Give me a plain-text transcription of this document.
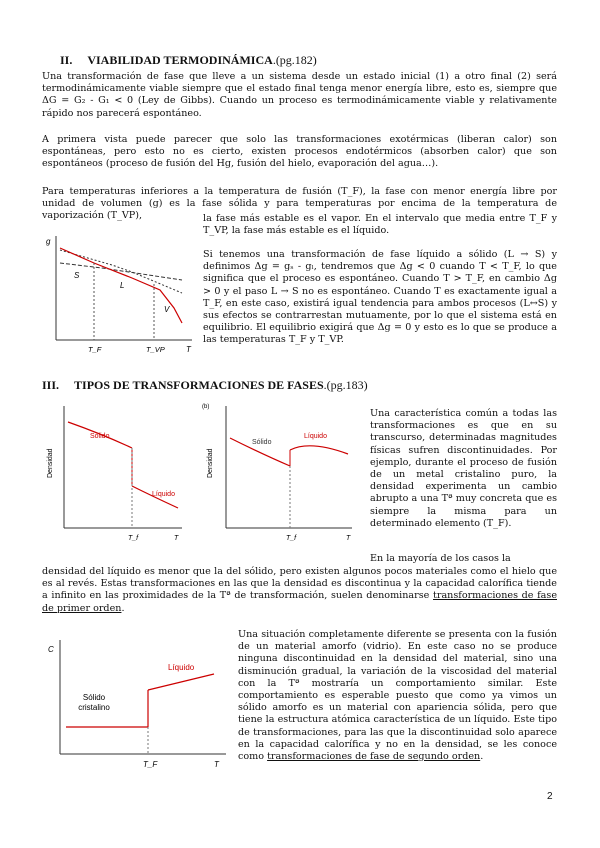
II. VIABILIDAD TERMODINÁMICA.(pg.182)
Una transformación de fase que lleve a un sistema desde un estado inicial (1) a otro final (2) será termodinámicamente viable siempre que el estado final tenga menor energía libre, esto es, siempre que ΔG = G₂ - G₁ < 0 (Ley de Gibbs). Cuando un proceso es termodinámicamente viable y relativamente rápido nos parecerá espontáneo.
A primera vista puede parecer que solo las transformaciones exotérmicas (liberan calor) son espontáneas, pero esto no es cierto, existen procesos endotérmicos (absorben calor) que son espontáneos (proceso de fusión del Hg, fusión del hielo, evaporación del agua…).
Para temperaturas inferiores a la temperatura de fusión (T_F), la fase con menor energía libre por unidad de volumen (g) es la fase sólida y para temperaturas por encima de la temperatura de vaporización (T_VP),	la fase más estable es el vapor. En el intervalo que media entre T_F y T_VP, la fase más estable es el líquido.
Si tenemos una transformación de fase líquido a sólido (L → S) y definimos Δg = gₛ - gₗ, tendremos que Δg < 0 cuando T < T_F, lo que significa que el proceso es espontáneo. Cuando T > T_F, en cambio Δg > 0 y el paso L → S no es espontáneo. Cuando T es exactamente igual a T_F, en este caso, existirá igual tendencia para ambos procesos (L↔S) y sus efectos se contrarrestan mutuamente, por lo que el sistema está en equilibrio. El equilibrio exigirá que Δg = 0 y esto es lo que se produce a las temperaturas T_F y T_VP.
g
S
L
V
T_F	T_VP	T
III. TIPOS DE TRANSFORMACIONES DE FASES.(pg.183)
Densidad
Sólido
Líquido
T_f	T
Densidad
(b)
Sólido
Líquido
T_f	T
Una característica común a todas las transformaciones es que en su transcurso, determinadas magnitudes físicas sufren discontinuidades. Por ejemplo, durante el proceso de fusión de un metal cristalino puro, la densidad experimenta un cambio abrupto a una Tª muy concreta que es siempre la misma para un determinado elemento (T_F).
En la mayoría de los casos la
densidad del líquido es menor que la del sólido, pero existen algunos pocos materiales como el hielo que es al revés. Estas transformaciones en las que la densidad es discontinua y la capacidad calorífica tiende a infinito en las proximidades de la Tª de transformación, suelen denominarse transformaciones de fase de primer orden.
C
Sólido
cristalino
Líquido
T_F	T
Una situación completamente diferente se presenta con la fusión de un material amorfo (vidrio). En este caso no se produce ninguna discontinuidad en la densidad del material, sino una disminución gradual, la variación de la viscosidad del material con la Tª mostraría un comportamiento similar. Este comportamiento es esperable puesto que como ya vimos un sólido amorfo es un material con apariencia sólida, pero que tiene la estructura atómica característica de un líquido. Este tipo de transformaciones, para las que la discontinuidad solo aparece en la capacidad calorífica y no en la densidad, se les conoce como transformaciones de fase de segundo orden.
2
